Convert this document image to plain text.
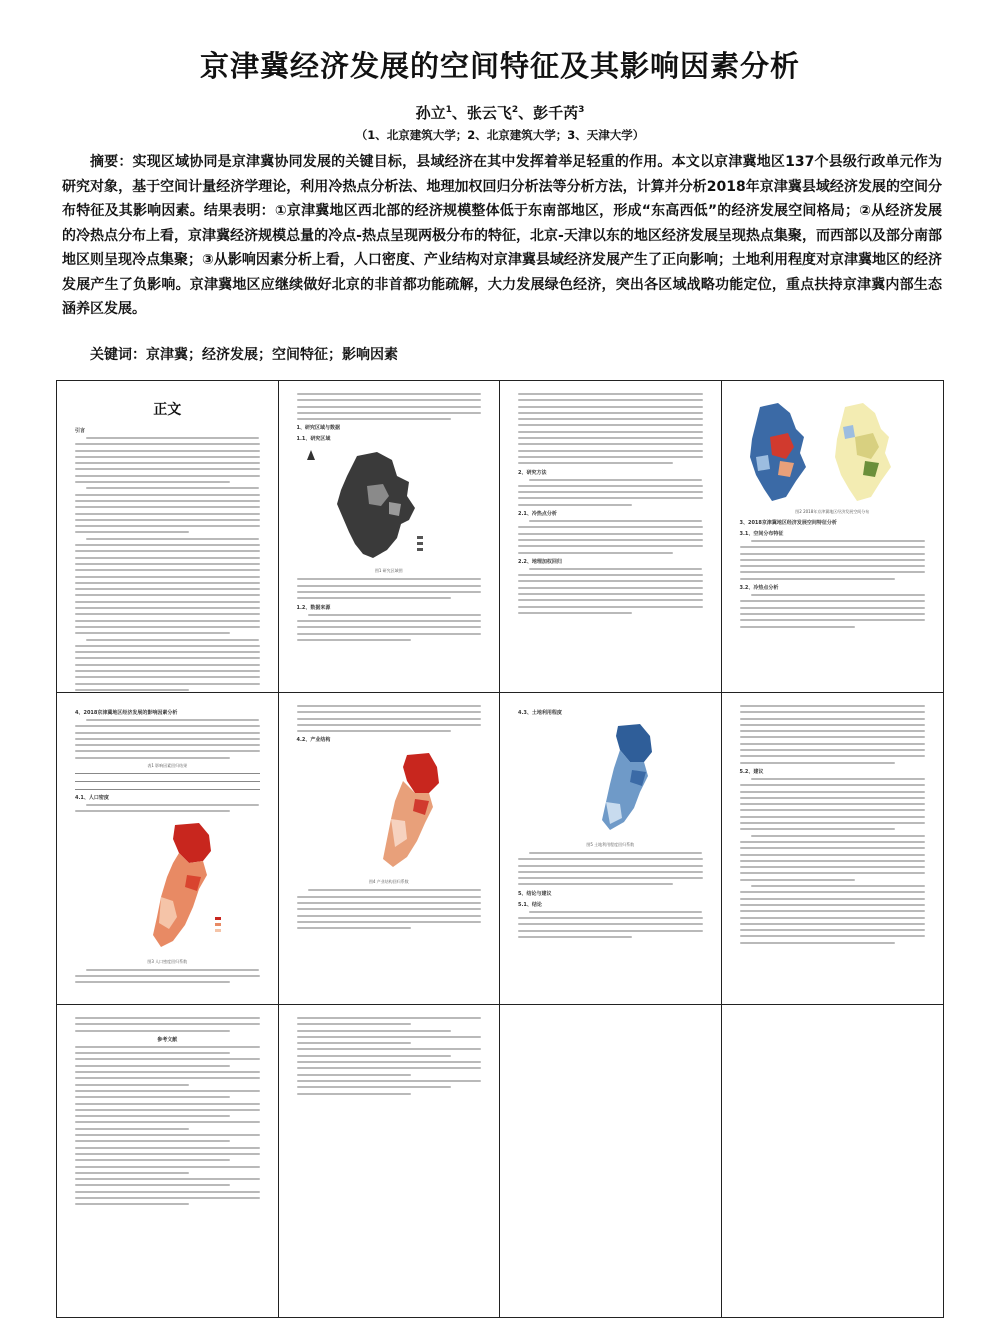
京津冀经济发展的空间特征及其影响因素分析
孙立$^1$、张云飞$^2$、彭千芮$^3$
（1、北京建筑大学；2、北京建筑大学；3、天津大学）
摘要：实现区域协同是京津冀协同发展的关键目标，县域经济在其中发挥着举足轻重的作用。本文以京津冀地区137个县级行政单元作为研究对象，基于空间计量经济学理论，利用冷热点分析法、地理加权回归分析法等分析方法，计算并分析2018年京津冀县域经济发展的空间分布特征及其影响因素。结果表明：①京津冀地区西北部的经济规模整体低于东南部地区，形成“东高西低”的经济发展空间格局；②从经济发展的冷热点分布上看，京津冀经济规模总量的冷点-热点呈现两极分布的特征，北京-天津以东的地区经济发展呈现热点集聚，而西部以及部分南部地区则呈现冷点集聚；③从影响因素分析上看，人口密度、产业结构对京津冀县域经济发展产生了正向影响；土地利用程度对京津冀地区的经济发展产生了负影响。京津冀地区应继续做好北京的非首都功能疏解，大力发展绿色经济，突出各区域战略功能定位，重点扶持京津冀内部生态涵养区发展。
关键词：京津冀；经济发展；空间特征；影响因素
正文
引言	1、研究区域与数据
1.1、研究区域
图1 研究区域图
1.2、数据来源
2、研究方法
2.1、冷热点分析
2.2、地理加权回归
图2 2018年京津冀地区经济发展空间分布
3、2018京津冀地区经济发展空间特征分析
3.1、空间分布特征
3.2、冷热点分析
4、2018京津冀地区经济发展的影响因素分析
表1 影响因素回归结果

4.1、人口密度
图3 人口密度回归系数
4.2、产业结构
图4 产业结构回归系数
4.3、土地利用程度
图5 土地利用程度回归系数
5、结论与建议
5.1、结论
5.2、建议
参考文献
